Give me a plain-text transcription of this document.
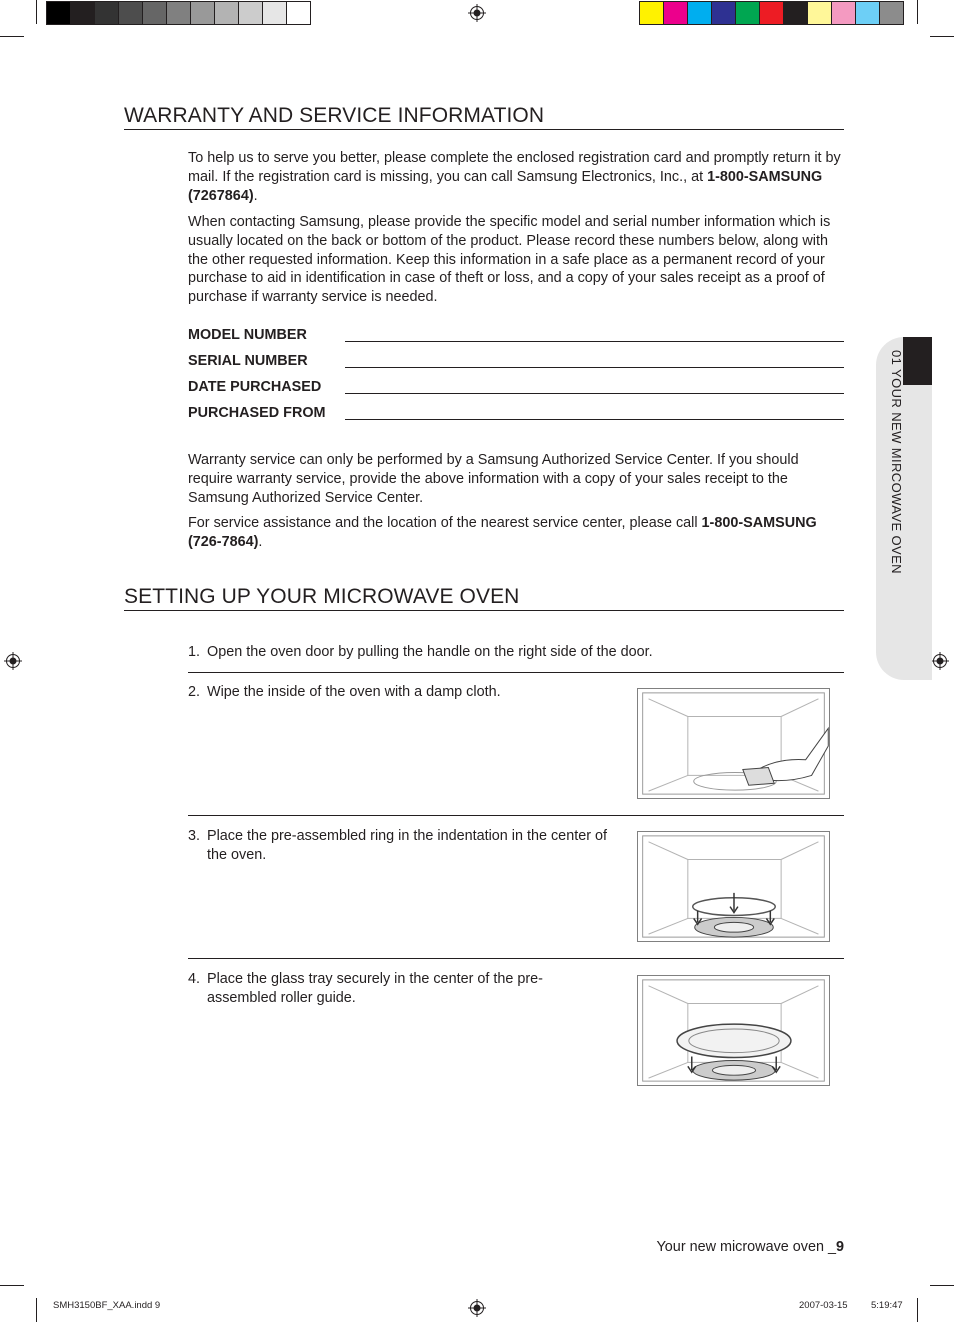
01 YOUR NEW MIRCOWAVE OVEN
WARRANTY AND SERVICE INFORMATION

To help us to serve you better, please complete the enclosed registration card and promptly return it by mail. If the registration card is missing, you can call Samsung Electronics, Inc., at 1-800-SAMSUNG (7267864).

When contacting Samsung, please provide the specific model and serial number information which is usually located on the back or bottom of the product. Please record these numbers below, along with the other requested information. Keep this information in a safe place as a permanent record of your purchase to aid in identification in case of theft or loss, and a copy of your sales receipt as a proof of purchase if warranty service is needed.

MODEL NUMBER
SERIAL NUMBER
DATE PURCHASED
PURCHASED FROM

Warranty service can only be performed by a Samsung Authorized Service Center. If you should require warranty service, provide the above information with a copy of your sales receipt to the Samsung Authorized Service Center.

For service assistance and the location of the nearest service center, please call 1-800-SAMSUNG (726-7864).

SETTING UP YOUR MICROWAVE OVEN
1. Open the oven door by pulling the handle on the right side of the door.
2. Wipe the inside of the oven with a damp cloth.
3. Place the pre-assembled ring in the indentation in the center of the oven.
4. Place the glass tray securely in the center of the pre-assembled roller guide.
Your new microwave oven _9
SMH3150BF_XAA.indd 9	2007-03-15 5:19:47
